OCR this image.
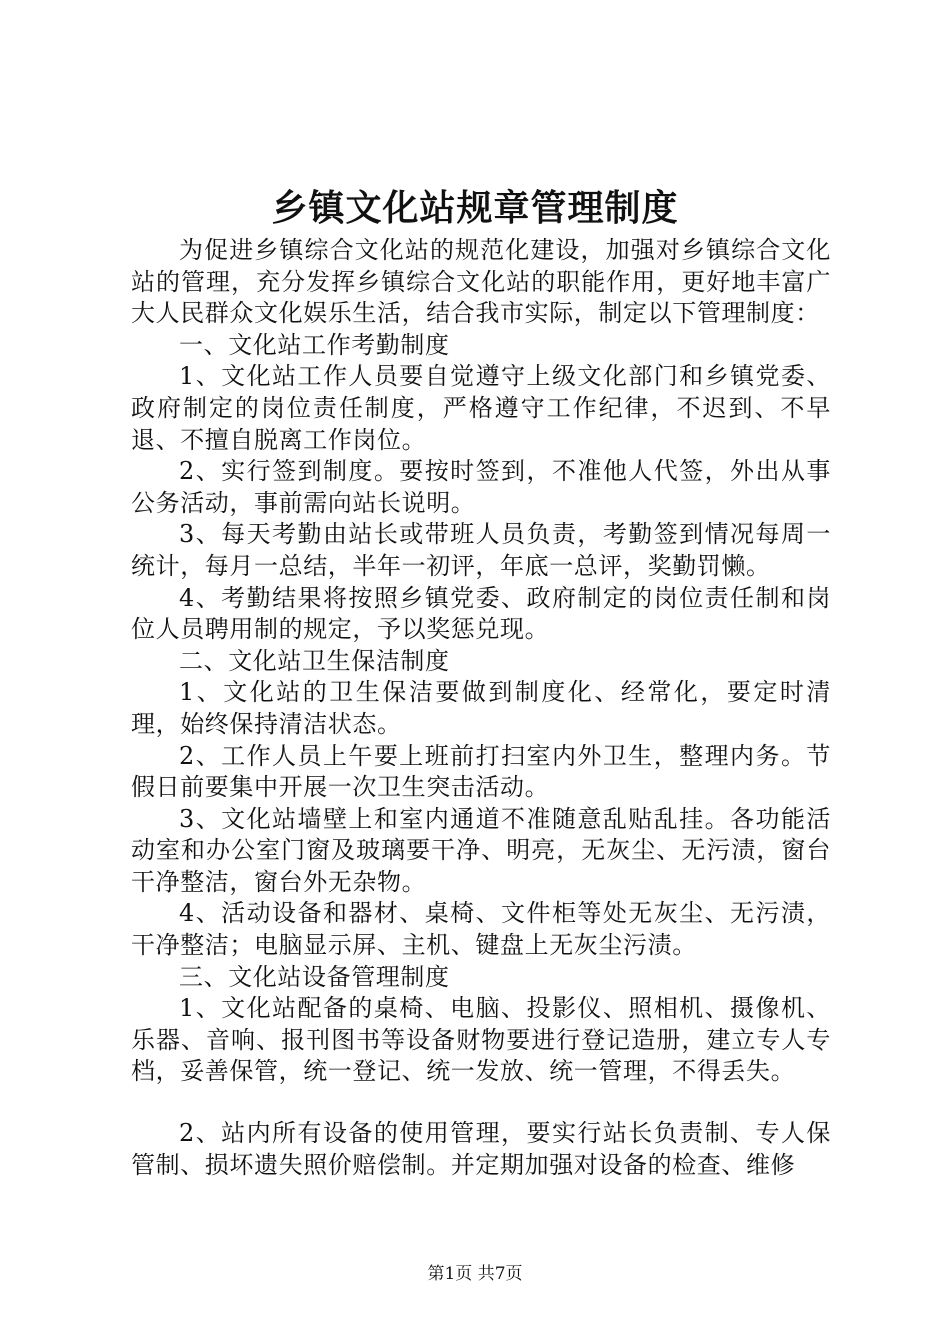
乡镇文化站规章管理制度

为促进乡镇综合文化站的规范化建设，加强对乡镇综合文化站的管理，充分发挥乡镇综合文化站的职能作用，更好地丰富广大人民群众文化娱乐生活，结合我市实际，制定以下管理制度：

一、文化站工作考勤制度

1、文化站工作人员要自觉遵守上级文化部门和乡镇党委、政府制定的岗位责任制度，严格遵守工作纪律，不迟到、不早退、不擅自脱离工作岗位。

2、实行签到制度。要按时签到，不准他人代签，外出从事公务活动，事前需向站长说明。

3、每天考勤由站长或带班人员负责，考勤签到情况每周一统计，每月一总结，半年一初评，年底一总评，奖勤罚懒。

4、考勤结果将按照乡镇党委、政府制定的岗位责任制和岗位人员聘用制的规定，予以奖惩兑现。

二、文化站卫生保洁制度

1、文化站的卫生保洁要做到制度化、经常化，要定时清理，始终保持清洁状态。

2、工作人员上午要上班前打扫室内外卫生，整理内务。节假日前要集中开展一次卫生突击活动。

3、文化站墙壁上和室内通道不准随意乱贴乱挂。各功能活动室和办公室门窗及玻璃要干净、明亮，无灰尘、无污渍，窗台干净整洁，窗台外无杂物。

4、活动设备和器材、桌椅、文件柜等处无灰尘、无污渍，干净整洁；电脑显示屏、主机、键盘上无灰尘污渍。

三、文化站设备管理制度

1、文化站配备的桌椅、电脑、投影仪、照相机、摄像机、乐器、音响、报刊图书等设备财物要进行登记造册，建立专人专档，妥善保管，统一登记、统一发放、统一管理，不得丢失。

2、站内所有设备的使用管理，要实行站长负责制、专人保管制、损坏遗失照价赔偿制。并定期加强对设备的检查、维修

第1页 共7页
